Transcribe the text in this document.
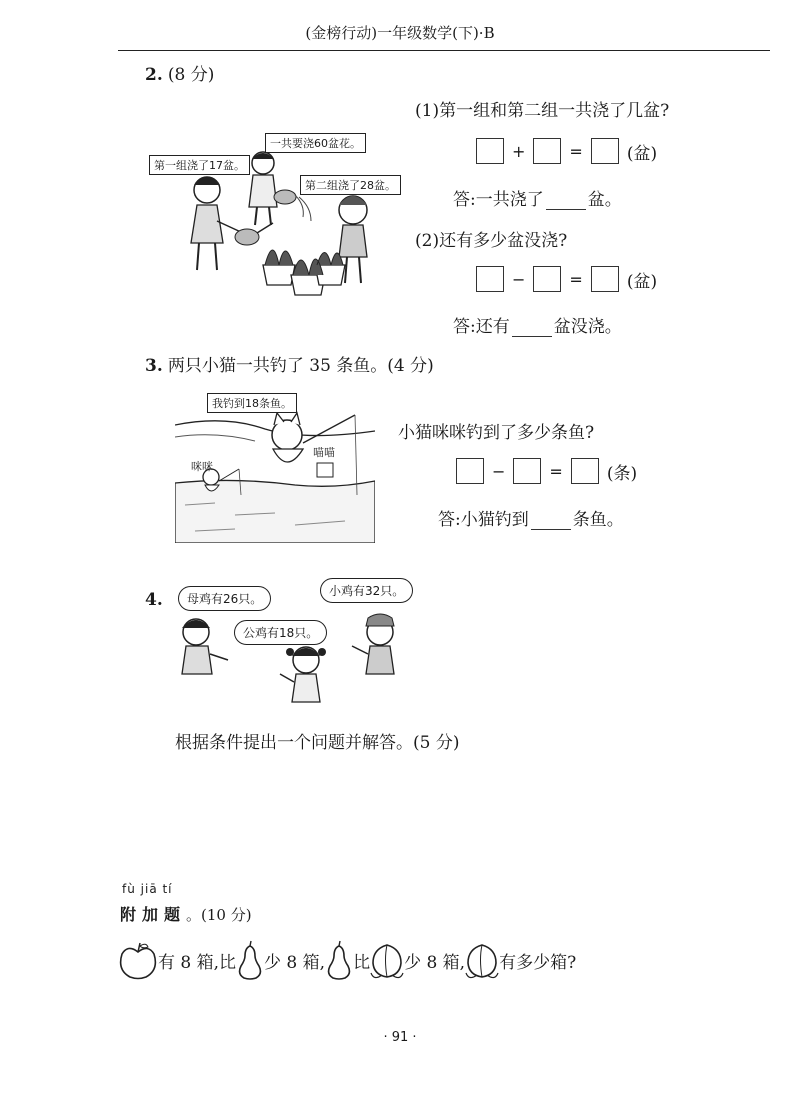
(金榜行动)一年级数学(下)·B
2. (8 分)
第一组浇了17盆。
一共要浇60盆花。
第二组浇了28盆。
(1)第一组和第二组一共浇了几盆?
+	=	(盆)
答:一共浇了	盆。
(2)还有多少盆没浇?
−	=	(盆)
答:还有	盆没浇。
3. 两只小猫一共钓了 35 条鱼。(4 分)
我钓到18条鱼。
咪咪
喵喵
小猫咪咪钓到了多少条鱼?
−	=	(条)
答:小猫钓到	条鱼。
4.	母鸡有26只。
小鸡有32只。
公鸡有18只。
根据条件提出一个问题并解答。(5 分)
fù jiā tí
附加题。(10 分)
有 8 箱,比 少 8 箱, 比 少 8 箱, 有多少箱?
· 91 ·
